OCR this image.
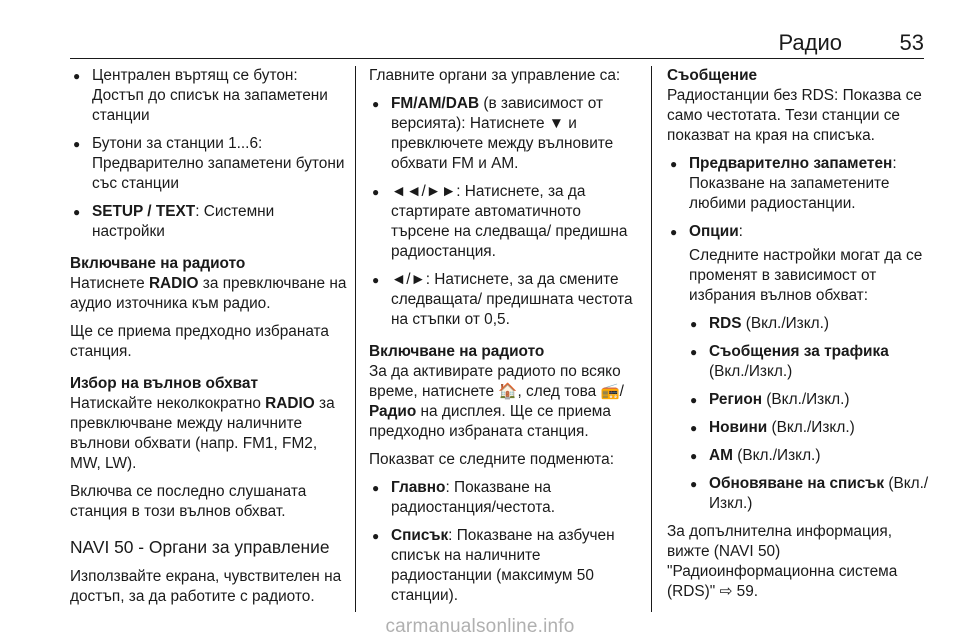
Радио	53
● Централен въртящ се бутон: Достъп до списък на запаметени станции
● Бутони за станции 1...6: Предварително запаметени бутони със станции
● SETUP / TEXT: Системни настройки

Включване на радиото

Натиснете RADIO за превключване на аудио източника към радио.

Ще се приема предходно избраната станция.

Избор на вълнов обхват

Натискайте неколкократно RADIO за превключване между наличните вълнови обхвати (напр. FM1, FM2, MW, LW).

Включва се последно слушаната станция в този вълнов обхват.

NAVI 50 - Органи за управление

Използвайте екрана, чувствителен на достъп, за да работите с радиото.

Главните органи за управление са:

● FM/AM/DAB (в зависимост от версията): Натиснете ▼ и превключете между вълновите обхвати FM и AM.
● ◄◄/►►: Натиснете, за да стартирате автоматичното търсене на следваща/ предишна радиостанция.
● ◄/►: Натиснете, за да смените следващата/ предишната честота на стъпки от 0,5.

Включване на радиото

За да активирате радиото по всяко време, натиснете 🏠, след това 📻/Радио на дисплея. Ще се приема предходно избраната станция.

Показват се следните подменюта:

● Главно: Показване на радиостанция/честота.
● Списък: Показване на азбучен списък на наличните радиостанции (максимум 50 станции).

Съобщение

Радиостанции без RDS: Показва се само честотата. Тези станции се показват на края на списъка.

● Предварително запаметен: Показване на запаметените любими радиостанции.
● Опции:
Следните настройки могат да се променят в зависимост от избрания вълнов обхват:
● RDS (Вкл./Изкл.)
● Съобщения за трафика (Вкл./Изкл.)
● Регион (Вкл./Изкл.)
● Новини (Вкл./Изкл.)
● AM (Вкл./Изкл.)
● Обновяване на списък (Вкл./Изкл.)

За допълнителна информация, вижте (NAVI 50) "Радиоинформационна система (RDS)" ⇨ 59.

carmanualsonline.info
